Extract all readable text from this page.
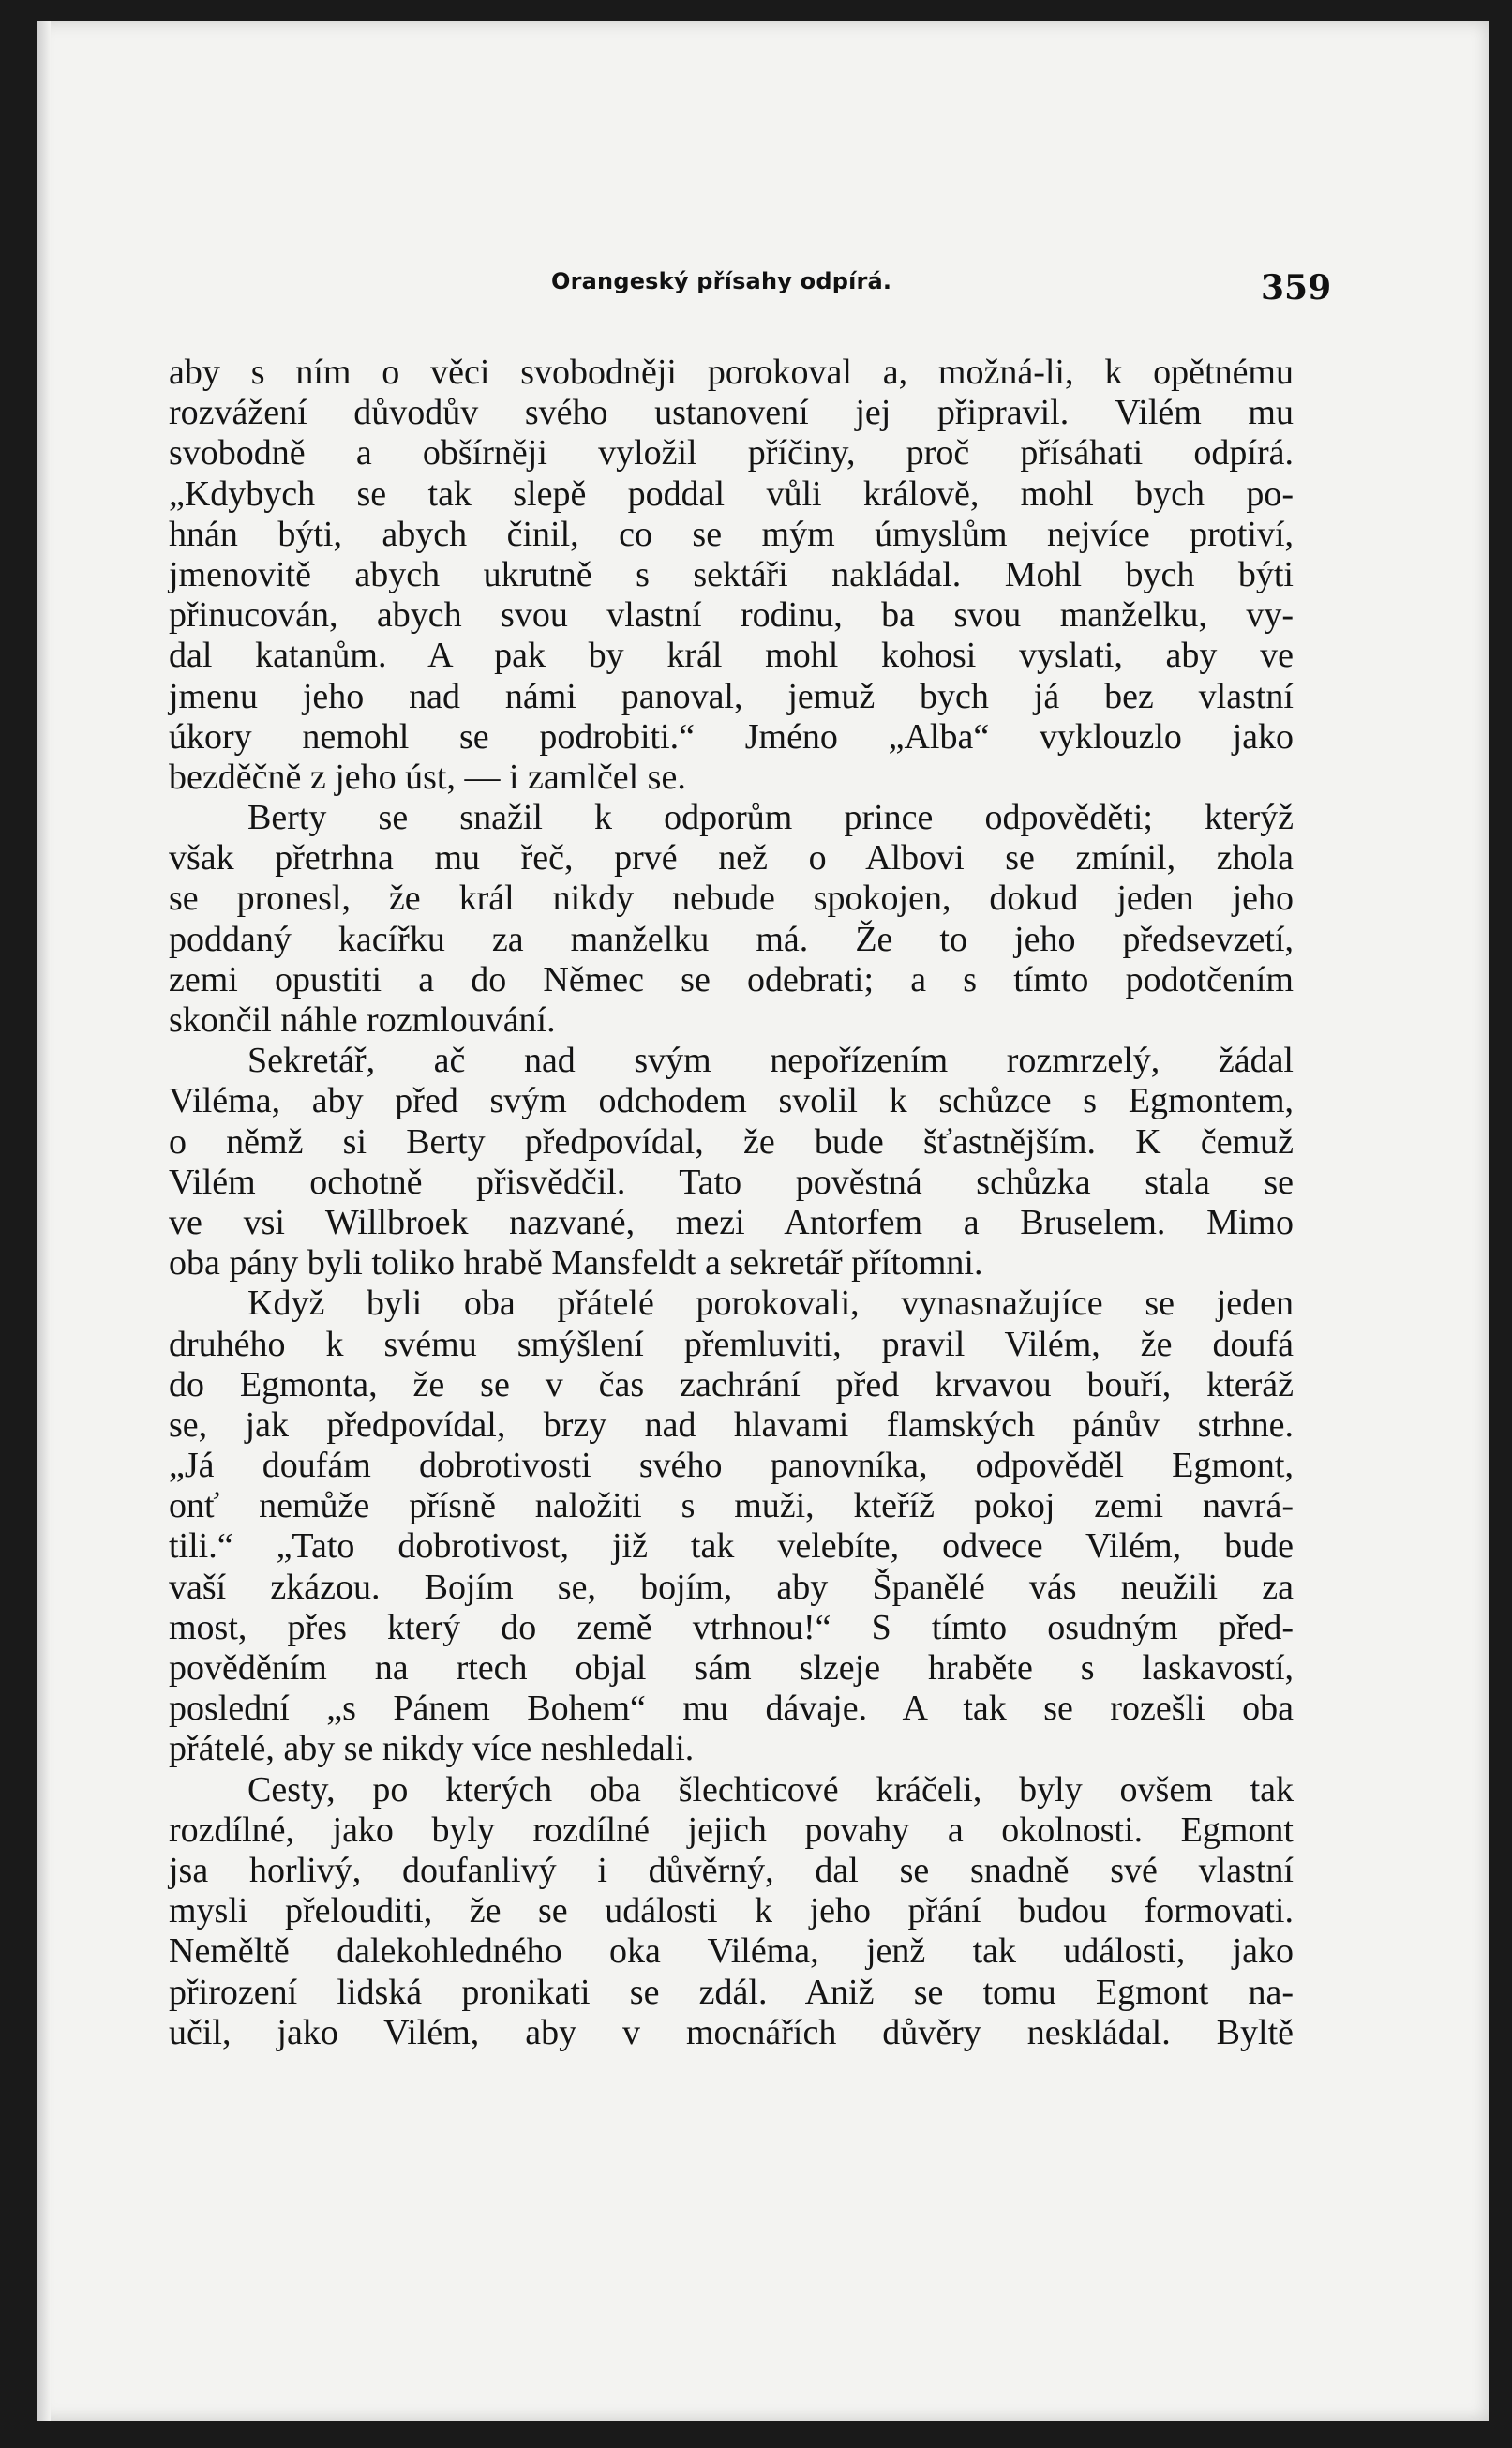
Orangeský přísahy odpírá.	359
aby s ním o věci svobodněji porokoval a, možná-li, k opětnému
rozvážení důvodův svého ustanovení jej připravil. Vilém mu
svobodně a obšírněji vyložil příčiny, proč přísáhati odpírá.
„Kdybych se tak slepě poddal vůli královĕ, mohl bych po-
hnán býti, abych činil, co se mým úmyslům nejvíce protiví,
jmenovitě abych ukrutně s sektáři nakládal. Mohl bych býti
přinucován, abych svou vlastní rodinu, ba svou manželku, vy-
dal katanům. A pak by král mohl kohosi vyslati, aby ve
jmenu jeho nad námi panoval, jemuž bych já bez vlastní
úkory nemohl se podrobiti.“ Jméno „Alba“ vyklouzlo jako
bezděčně z jeho úst, — i zamlčel se.
Berty se snažil k odporům prince odpověděti; kterýž
však přetrhna mu řeč, prvé než o Albovi se zmínil, zhola
se pronesl, že král nikdy nebude spokojen, dokud jeden jeho
poddaný kacířku za manželku má. Že to jeho předsevzetí,
zemi opustiti a do Němec se odebrati; a s tímto podotčením
skončil náhle rozmlouvání.
Sekretář, ač nad svým nepořízením rozmrzelý, žádal
Viléma, aby před svým odchodem svolil k schůzce s Egmontem,
o němž si Berty předpovídal, že bude šťastnějším. K čemuž
Vilém ochotně přisvědčil. Tato pověstná schůzka stala se
ve vsi Willbroek nazvané, mezi Antorfem a Bruselem. Mimo
oba pány byli toliko hrabě Mansfeldt a sekretář přítomni.
Když byli oba přátelé porokovali, vynasnažujíce se jeden
druhého k svému smýšlení přemluviti, pravil Vilém, že doufá
do Egmonta, že se v čas zachrání před krvavou bouří, kteráž
se, jak předpovídal, brzy nad hlavami flamských pánův strhne.
„Já doufám dobrotivosti svého panovníka, odpověděl Egmont,
onť nemůže přísně naložiti s muži, kteříž pokoj zemi navrá-
tili.“ „Tato dobrotivost, již tak velebíte, odvece Vilém, bude
vaší zkázou. Bojím se, bojím, aby Španělé vás neužili za
most, přes který do země vtrhnou!“ S tímto osudným před-
pověděním na rtech objal sám slzeje hraběte s laskavostí,
poslední „s Pánem Bohem“ mu dávaje. A tak se rozešli oba
přátelé, aby se nikdy více neshledali.
Cesty, po kterých oba šlechticové kráčeli, byly ovšem tak
rozdílné, jako byly rozdílné jejich povahy a okolnosti. Egmont
jsa horlivý, doufanlivý i důvěrný, dal se snadně své vlastní
mysli přelouditi, že se události k jeho přání budou formovati.
Neměltě dalekohledného oka Viléma, jenž tak události, jako
přirození lidská pronikati se zdál. Aniž se tomu Egmont na-
učil, jako Vilém, aby v mocnářích důvěry neskládal. Byltě
